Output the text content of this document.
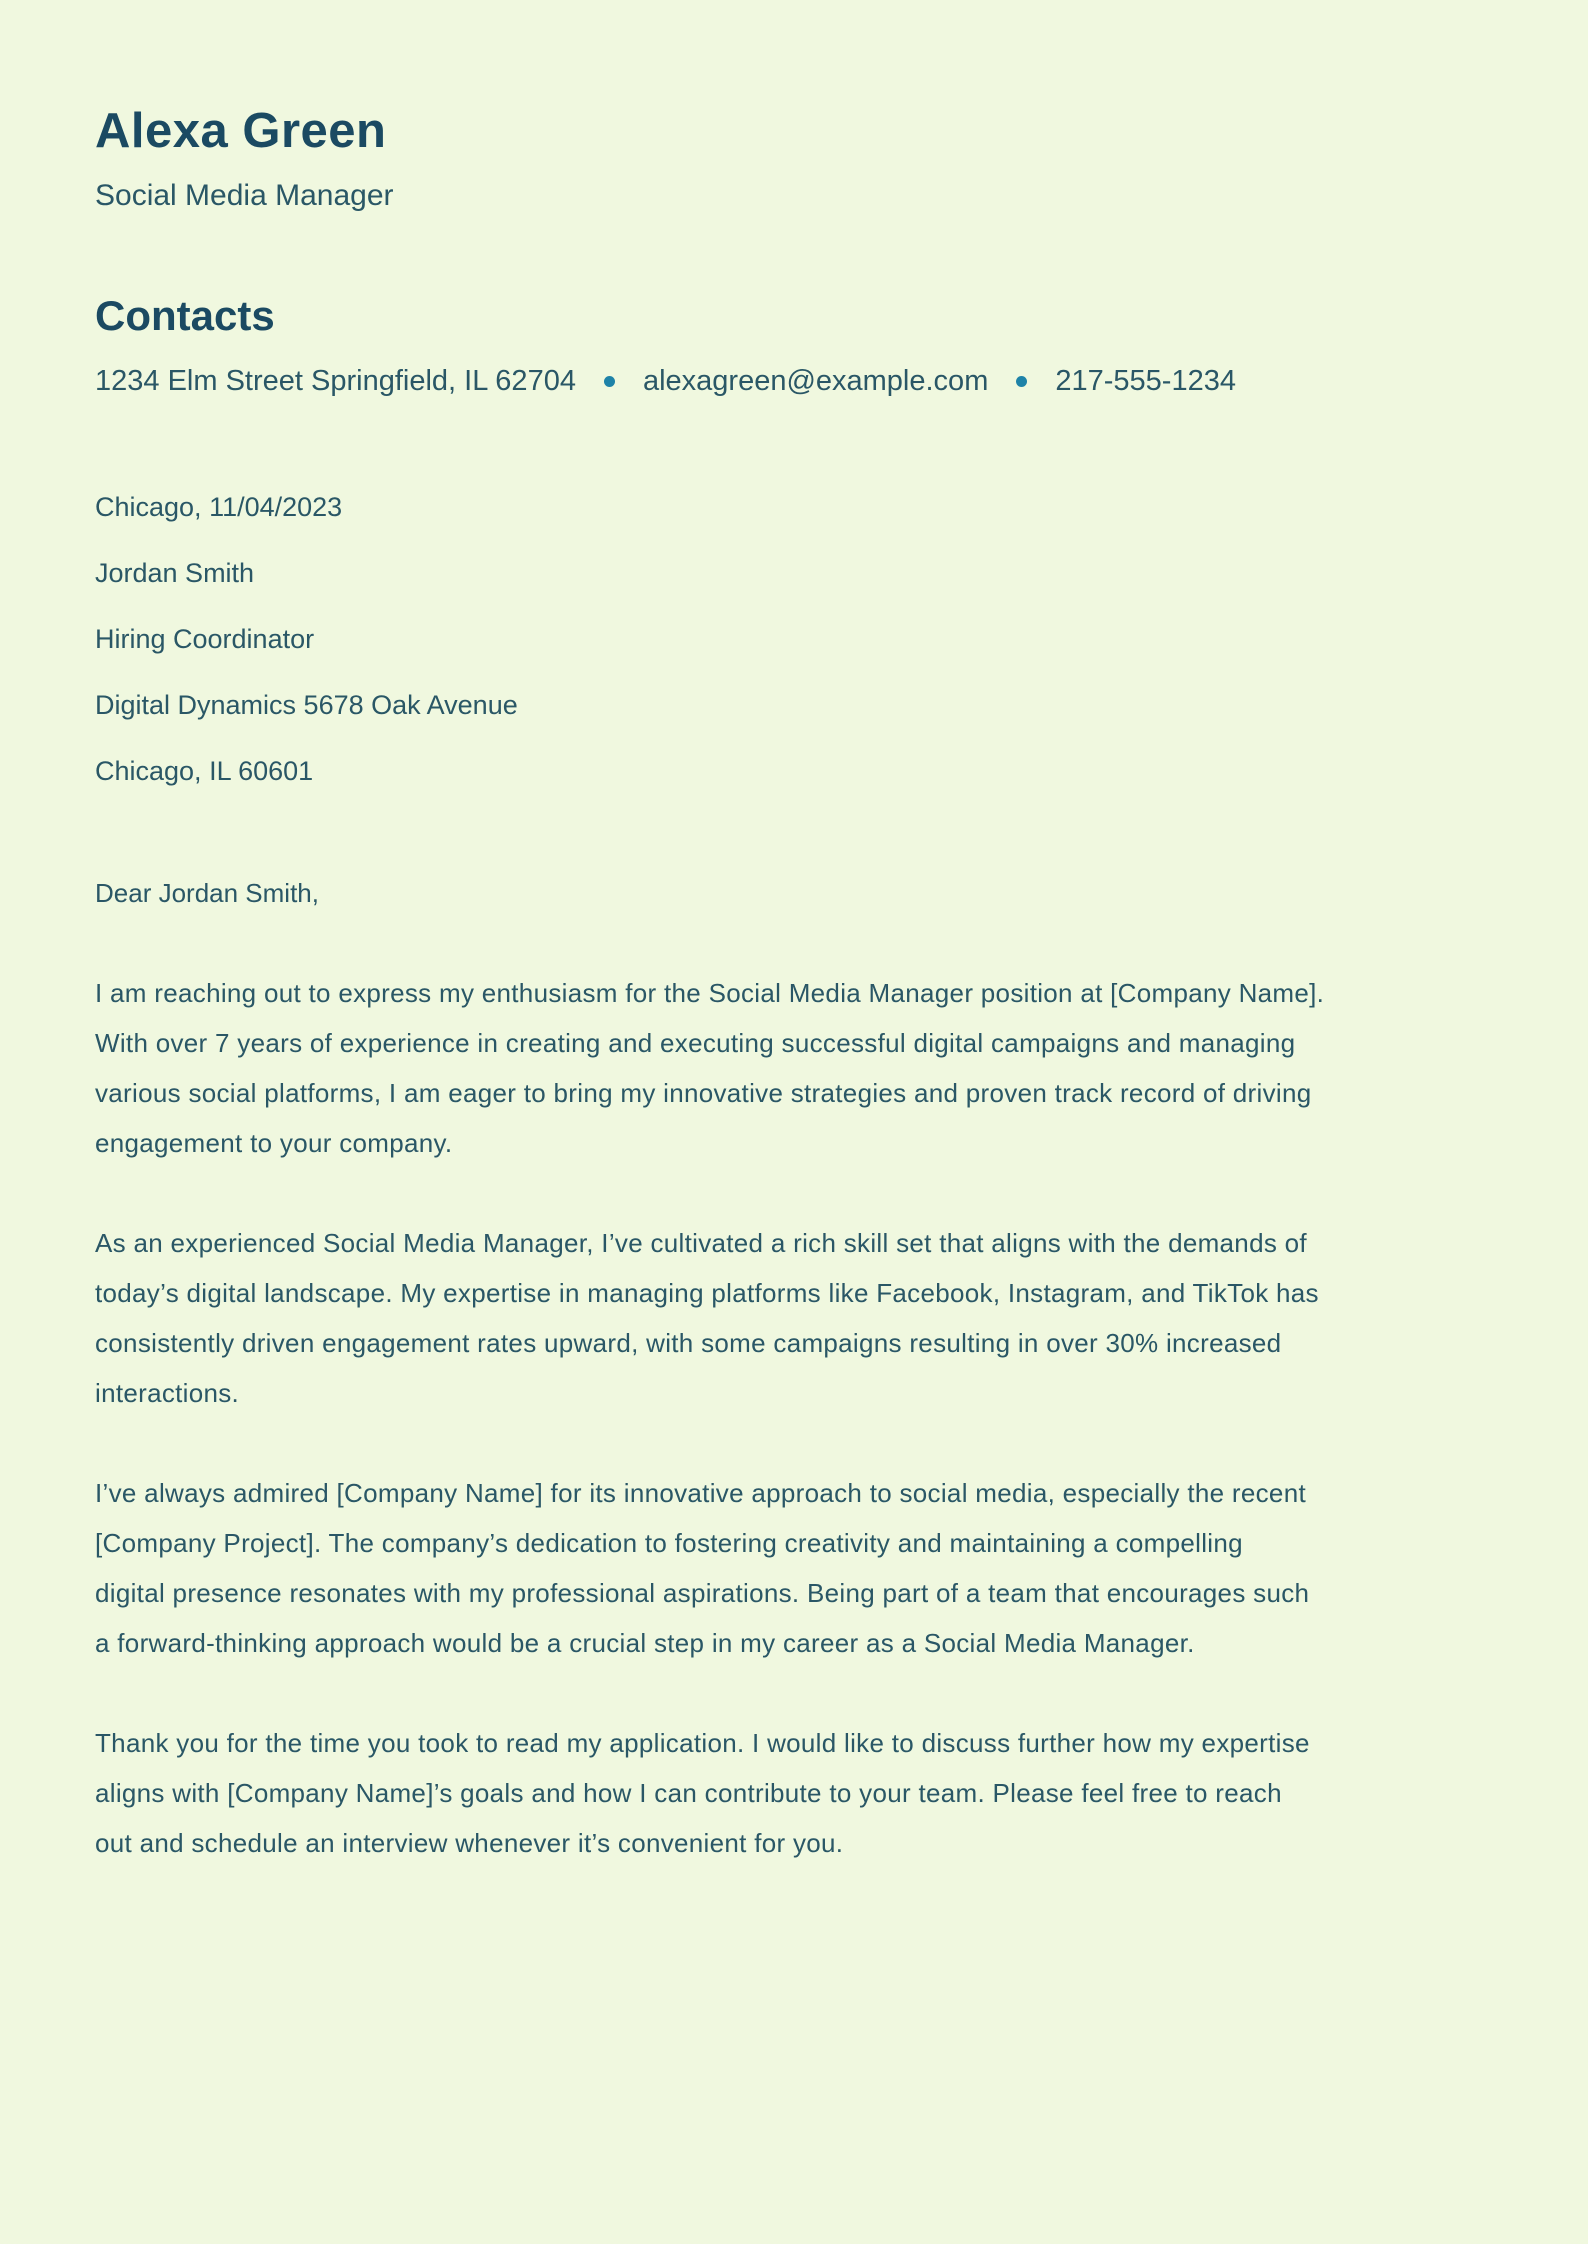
Alexa Green

Social Media Manager

Contacts
1234 Elm Street Springfield, IL 62704 alexagreen@example.com 217-555-1234

Chicago, 11/04/2023

Jordan Smith

Hiring Coordinator

Digital Dynamics 5678 Oak Avenue

Chicago, IL 60601

Dear Jordan Smith,

I am reaching out to express my enthusiasm for the Social Media Manager position at [Company Name].
With over 7 years of experience in creating and executing successful digital campaigns and managing
various social platforms, I am eager to bring my innovative strategies and proven track record of driving
engagement to your company.

As an experienced Social Media Manager, I’ve cultivated a rich skill set that aligns with the demands of
today’s digital landscape. My expertise in managing platforms like Facebook, Instagram, and TikTok has
consistently driven engagement rates upward, with some campaigns resulting in over 30% increased
interactions.

I’ve always admired [Company Name] for its innovative approach to social media, especially the recent
[Company Project]. The company’s dedication to fostering creativity and maintaining a compelling
digital presence resonates with my professional aspirations. Being part of a team that encourages such
a forward-thinking approach would be a crucial step in my career as a Social Media Manager.

Thank you for the time you took to read my application. I would like to discuss further how my expertise
aligns with [Company Name]’s goals and how I can contribute to your team. Please feel free to reach
out and schedule an interview whenever it’s convenient for you.
